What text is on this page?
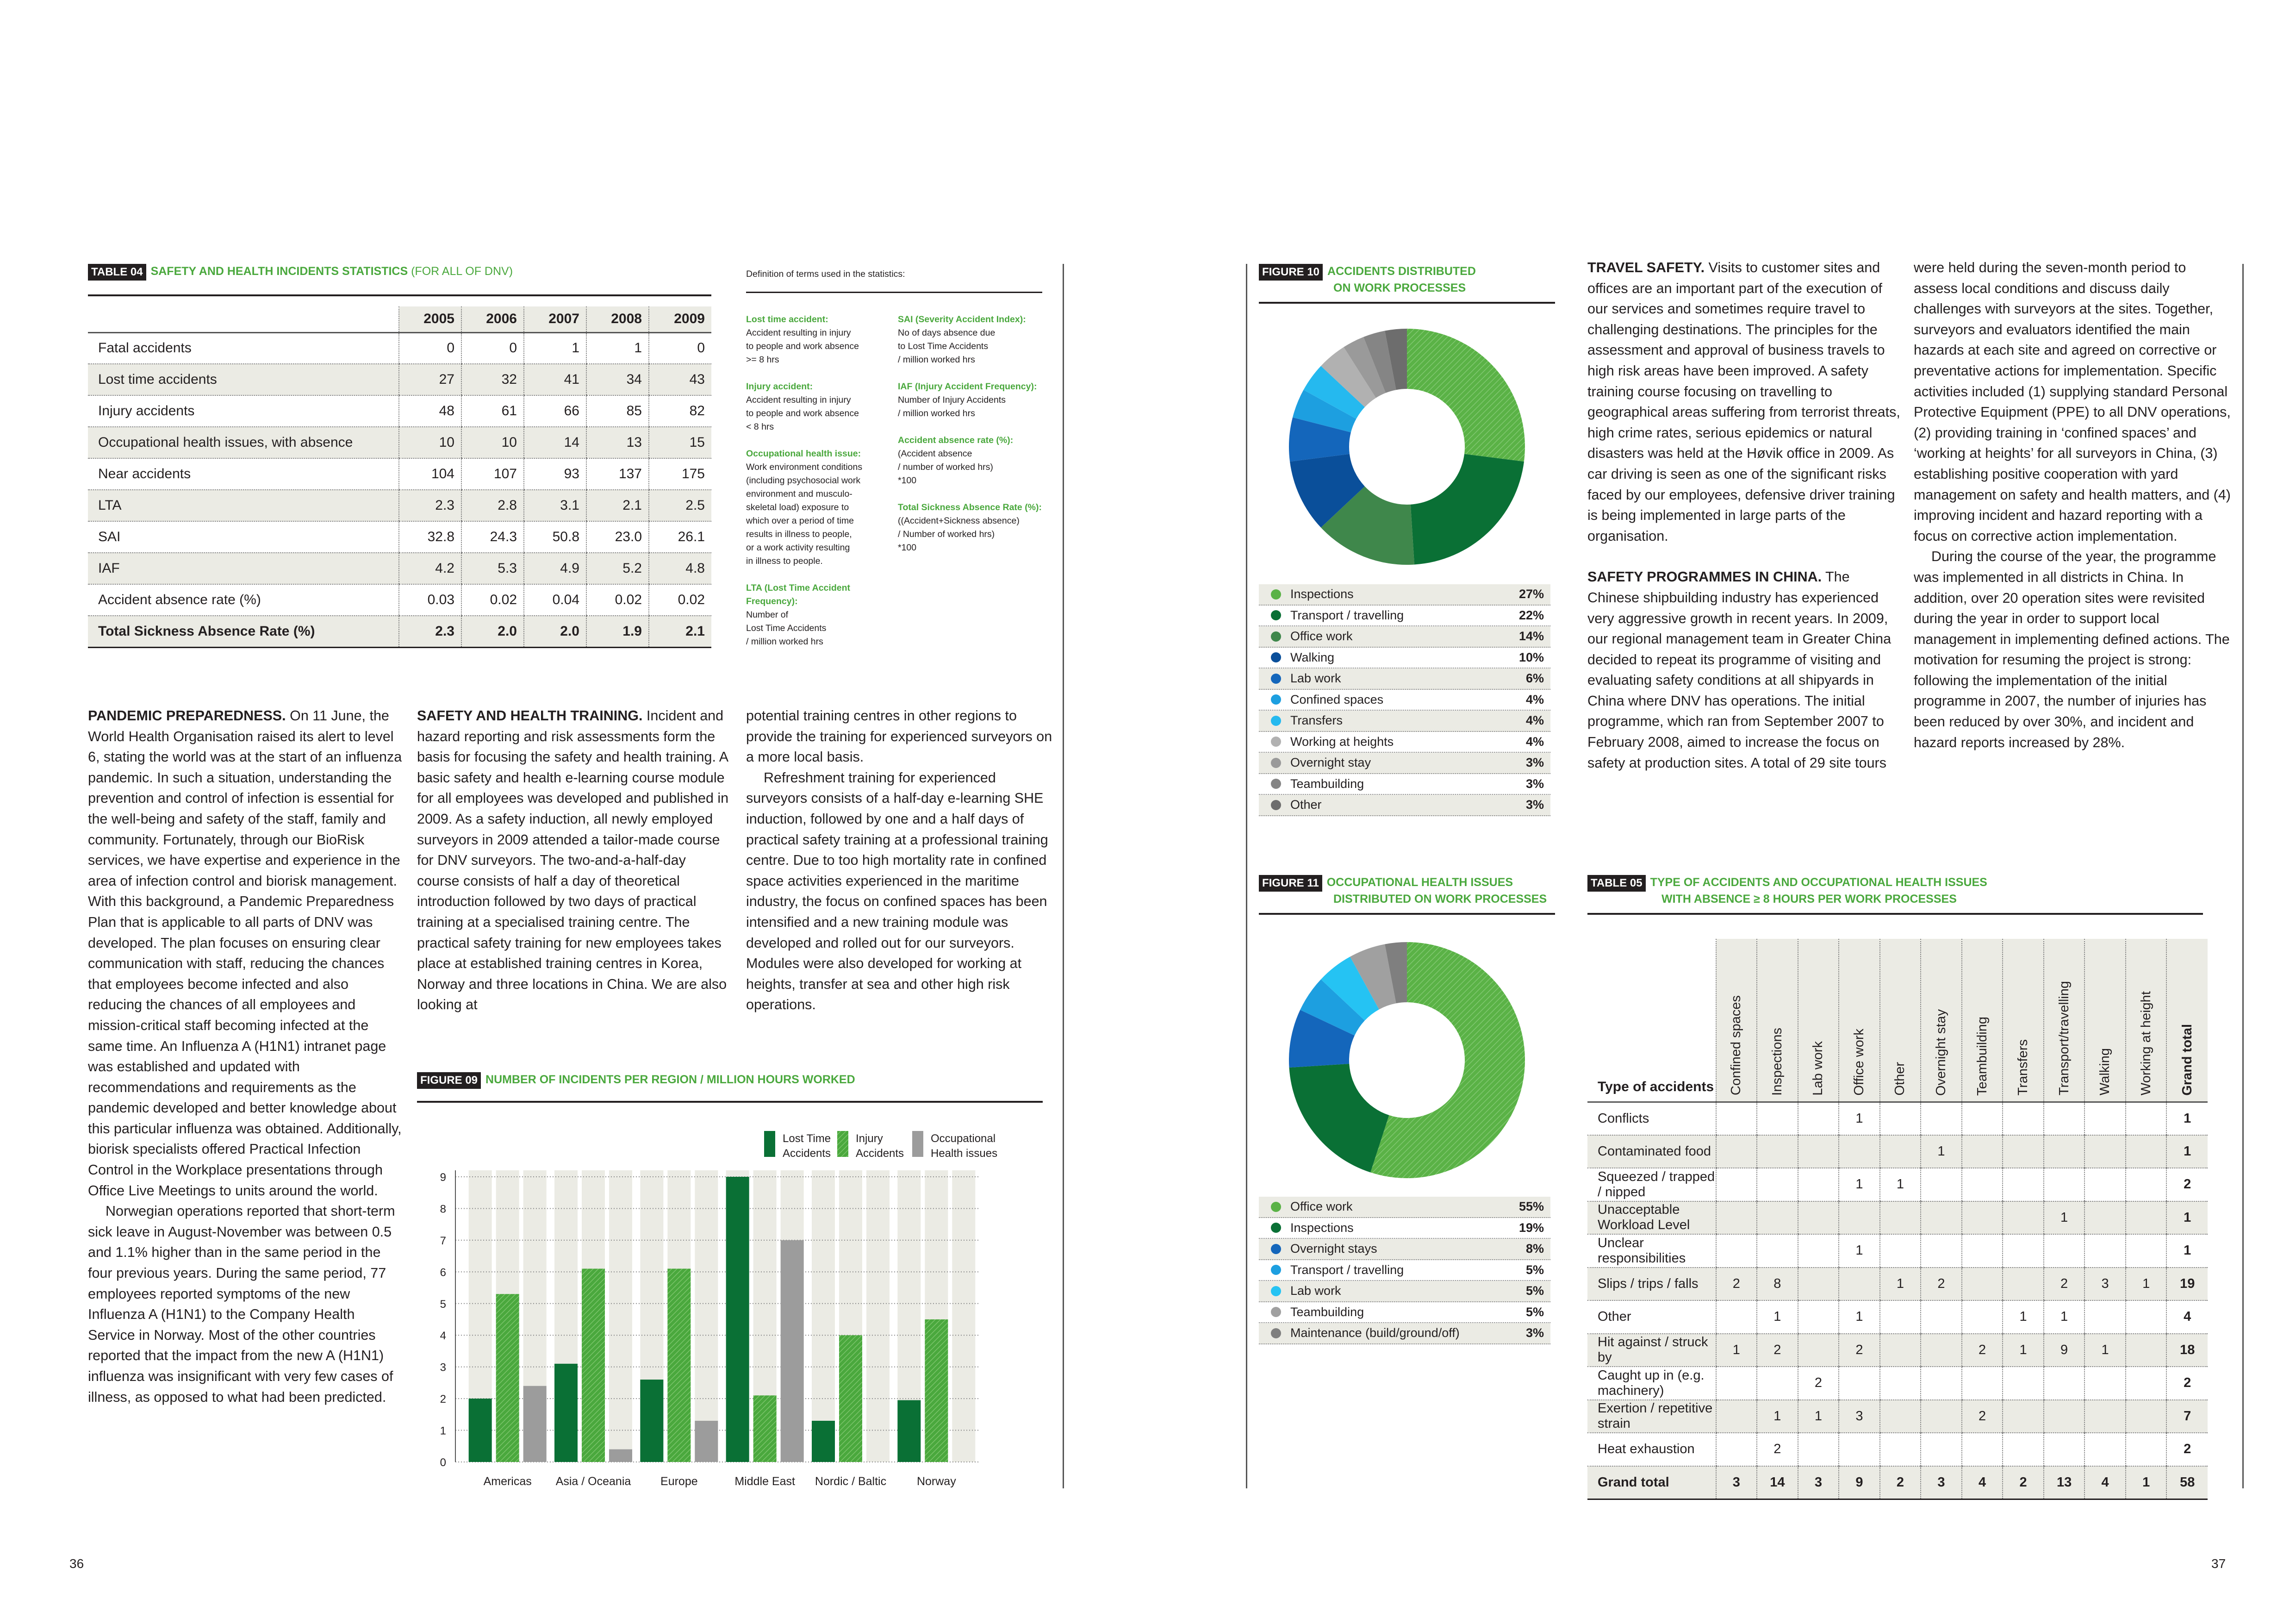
TABLE 04 SAFETY AND HEALTH INCIDENTS STATISTICS (FOR ALL OF DNV)
	2005	2006	2007	2008	2009
Fatal accidents	0	0	1	1	0
Lost time accidents	27	32	41	34	43
Injury accidents	48	61	66	85	82
Occupational health issues, with absence	10	10	14	13	15
Near accidents	104	107	93	137	175
LTA	2.3	2.8	3.1	2.1	2.5
SAI	32.8	24.3	50.8	23.0	26.1
IAF	4.2	5.3	4.9	5.2	4.8
Accident absence rate (%)	0.03	0.02	0.04	0.02	0.02
Total Sickness Absence Rate (%)	2.3	2.0	2.0	1.9	2.1
Definition of terms used in the statistics:
Lost time accident:
Accident resulting in injury
to people and work absence
>= 8 hrs
Injury accident:
Accident resulting in injury
to people and work absence
< 8 hrs
Occupational health issue:
Work environment conditions
(including psychosocial work
environment and musculo-
skeletal load) exposure to
which over a period of time
results in illness to people,
or a work activity resulting
in illness to people.
LTA (Lost Time Accident Frequency):
Number of
Lost Time Accidents
/ million worked hrs
SAI (Severity Accident Index):
No of days absence due
to Lost Time Accidents
/ million worked hrs
IAF (Injury Accident Frequency):
Number of Injury Accidents
/ million worked hrs
Accident absence rate (%):
(Accident absence
/ number of worked hrs)
*100
Total Sickness Absence Rate (%):
((Accident+Sickness absence)
/ Number of worked hrs)
*100

PANDEMIC PREPAREDNESS. On 11 June, the World Health Organisation raised its alert to level 6, stating the world was at the start of an influenza pandemic. In such a situation, understanding the prevention and control of infection is essential for the well-being and safety of the staff, family and community. Fortunately, through our BioRisk services, we have expertise and experience in the area of infection control and biorisk management. With this background, a Pandemic Preparedness Plan that is applicable to all parts of DNV was developed. The plan focuses on ensuring clear communication with staff, reducing the chances that employees become infected and also reducing the chances of all employees and mission-critical staff becoming infected at the same time. An Influenza A (H1N1) intranet page was established and updated with recommendations and requirements as the pandemic developed and better knowledge about this particular influenza was obtained. Additionally, biorisk specialists offered Practical Infection Control in the Workplace presentations through Office Live Meetings to units around the world.

Norwegian operations reported that short-term sick leave in August-November was between 0.5 and 1.1% higher than in the same period in the four previous years. During the same period, 77 employees reported symptoms of the new Influenza A (H1N1) to the Company Health Service in Norway. Most of the other countries reported that the impact from the new A (H1N1) influenza was insignificant with very few cases of illness, as opposed to what had been predicted.

SAFETY AND HEALTH TRAINING. Incident and hazard reporting and risk assessments form the basis for focusing the safety and health training. A basic safety and health e-learning course module for all employees was developed and published in 2009. As a safety induction, all newly employed surveyors in 2009 attended a tailor-made course for DNV surveyors. The two-and-a-half-day course consists of half a day of theoretical introduction followed by two days of practical training at a specialised training centre. The practical safety training for new employees takes place at established training centres in Korea, Norway and three locations in China. We are also looking at

potential training centres in other regions to provide the training for experienced surveyors on a more local basis.

Refreshment training for experienced surveyors consists of a half-day e-learning SHE induction, followed by one and a half days of practical safety training at a professional training centre. Due to too high mortality rate in confined space activities experienced in the maritime industry, the focus on confined spaces has been intensified and a new training module was developed and rolled out for our surveyors. Modules were also developed for working at heights, transfer at sea and other high risk operations.

FIGURE 09 NUMBER OF INCIDENTS PER REGION / MILLION HOURS WORKED
Lost Time
Accidents
Injury
Accidents
Occupational
Health issues
0
1
2
3
4
5
6
7
8
9
Americas Asia / Oceania	Europe	Middle East Nordic / Baltic	Norway
FIGURE 10 ACCIDENTS DISTRIBUTED
ON WORK PROCESSES
Inspections	27%
Transport / travelling	22%
Office work	14%
Walking	10%
Lab work	6%
Confined spaces	4%
Transfers	4%
Working at heights	4%
Overnight stay	3%
Teambuilding	3%
Other	3%
FIGURE 11 OCCUPATIONAL HEALTH ISSUES
DISTRIBUTED ON WORK PROCESSES
Office work	55%
Inspections	19%
Overnight stays	8%
Transport / travelling	5%
Lab work	5%
Teambuilding	5%
Maintenance (build/ground/off)	3%

TRAVEL SAFETY. Visits to customer sites and offices are an important part of the execution of our services and sometimes require travel to challenging destinations. The principles for the assessment and approval of business travels to high risk areas have been improved. A safety training course focusing on travelling to geographical areas suffering from terrorist threats, high crime rates, serious epidemics or natural disasters was held at the Høvik office in 2009. As car driving is seen as one of the significant risks faced by our employees, defensive driver training is being implemented in large parts of the organisation.

SAFETY PROGRAMMES IN CHINA. The Chinese shipbuilding industry has experienced very aggressive growth in recent years. In 2009, our regional management team in Greater China decided to repeat its programme of visiting and evaluating safety conditions at all shipyards in China where DNV has operations. The initial programme, which ran from September 2007 to February 2008, aimed to increase the focus on safety at production sites. A total of 29 site tours

were held during the seven-month period to assess local conditions and discuss daily challenges with surveyors at the sites. Together, surveyors and evaluators identified the main hazards at each site and agreed on corrective or preventative actions for implementation. Specific activities included (1) supplying standard Personal Protective Equipment (PPE) to all DNV operations, (2) providing training in ‘confined spaces’ and ‘working at heights’ for all surveyors in China, (3) establishing positive cooperation with yard management on safety and health matters, and (4) improving incident and hazard reporting with a focus on corrective action implementation.

During the course of the year, the programme was implemented in all districts in China. In addition, over 20 operation sites were revisited during the year in order to support local management in implementing defined actions. The motivation for resuming the project is strong: following the implementation of the initial programme in 2007, the number of injuries has been reduced by over 30%, and incident and hazard reports increased by 28%.

TABLE 05 TYPE OF ACCIDENTS AND OCCUPATIONAL HEALTH ISSUES
WITH ABSENCE ≥ 8 HOURS PER WORK PROCESSES
Type of accidents	Confined spaces	Inspections	Lab work	Office work	Other	Overnight stay	Teambuilding	Transfers	Transport/travelling	Walking	Working at height	Grand total

Conflicts				1								1
Contaminated food						1						1
Squeezed / trapped / nipped				1	1							2
Unacceptable Workload Level									1			1
Unclear responsibilities				1								1
Slips / trips / falls	2	8			1	2			2	3	1	19
Other		1		1				1	1			4
Hit against / struck by	1	2		2			2	1	9	1		18
Caught up in (e.g. machinery)			2									2
Exertion / repetitive strain		1	1	3			2					7
Heat exhaustion		2										2
Grand total	3	14	3	9	2	3	4	2	13	4	1	58
36	37
